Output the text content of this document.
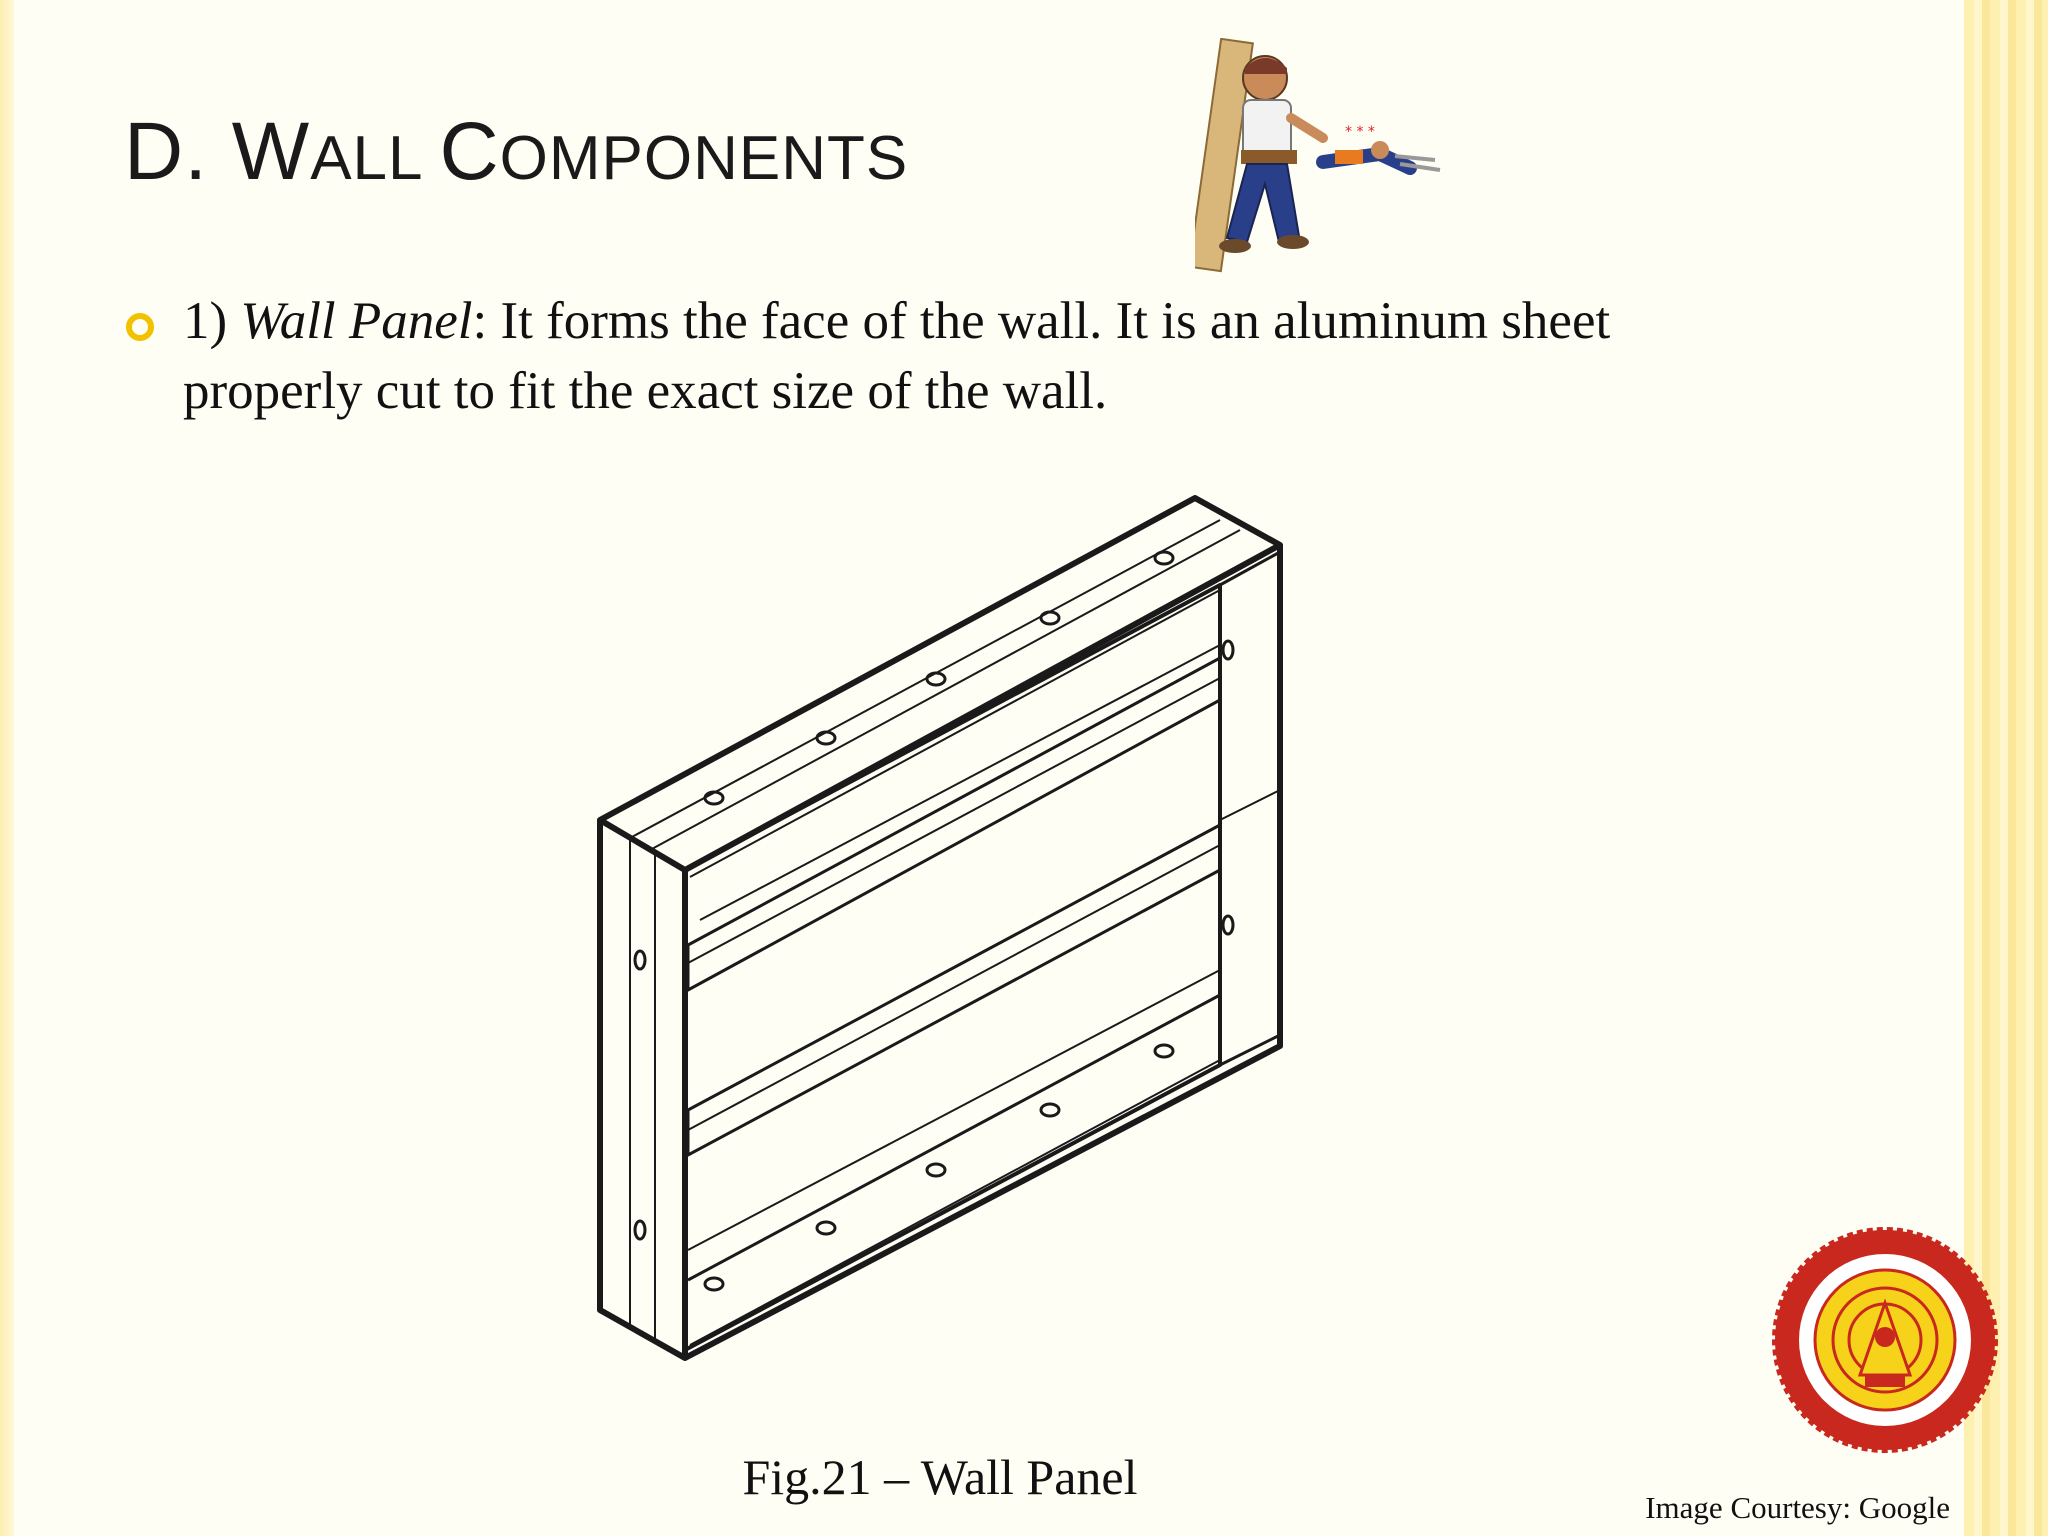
D. WALL COMPONENTS	* * *
1) Wall Panel: It forms the face of the wall. It is an aluminum sheet properly cut to fit the exact size of the wall.
Fig.21 – Wall Panel
Image Courtesy: Google
